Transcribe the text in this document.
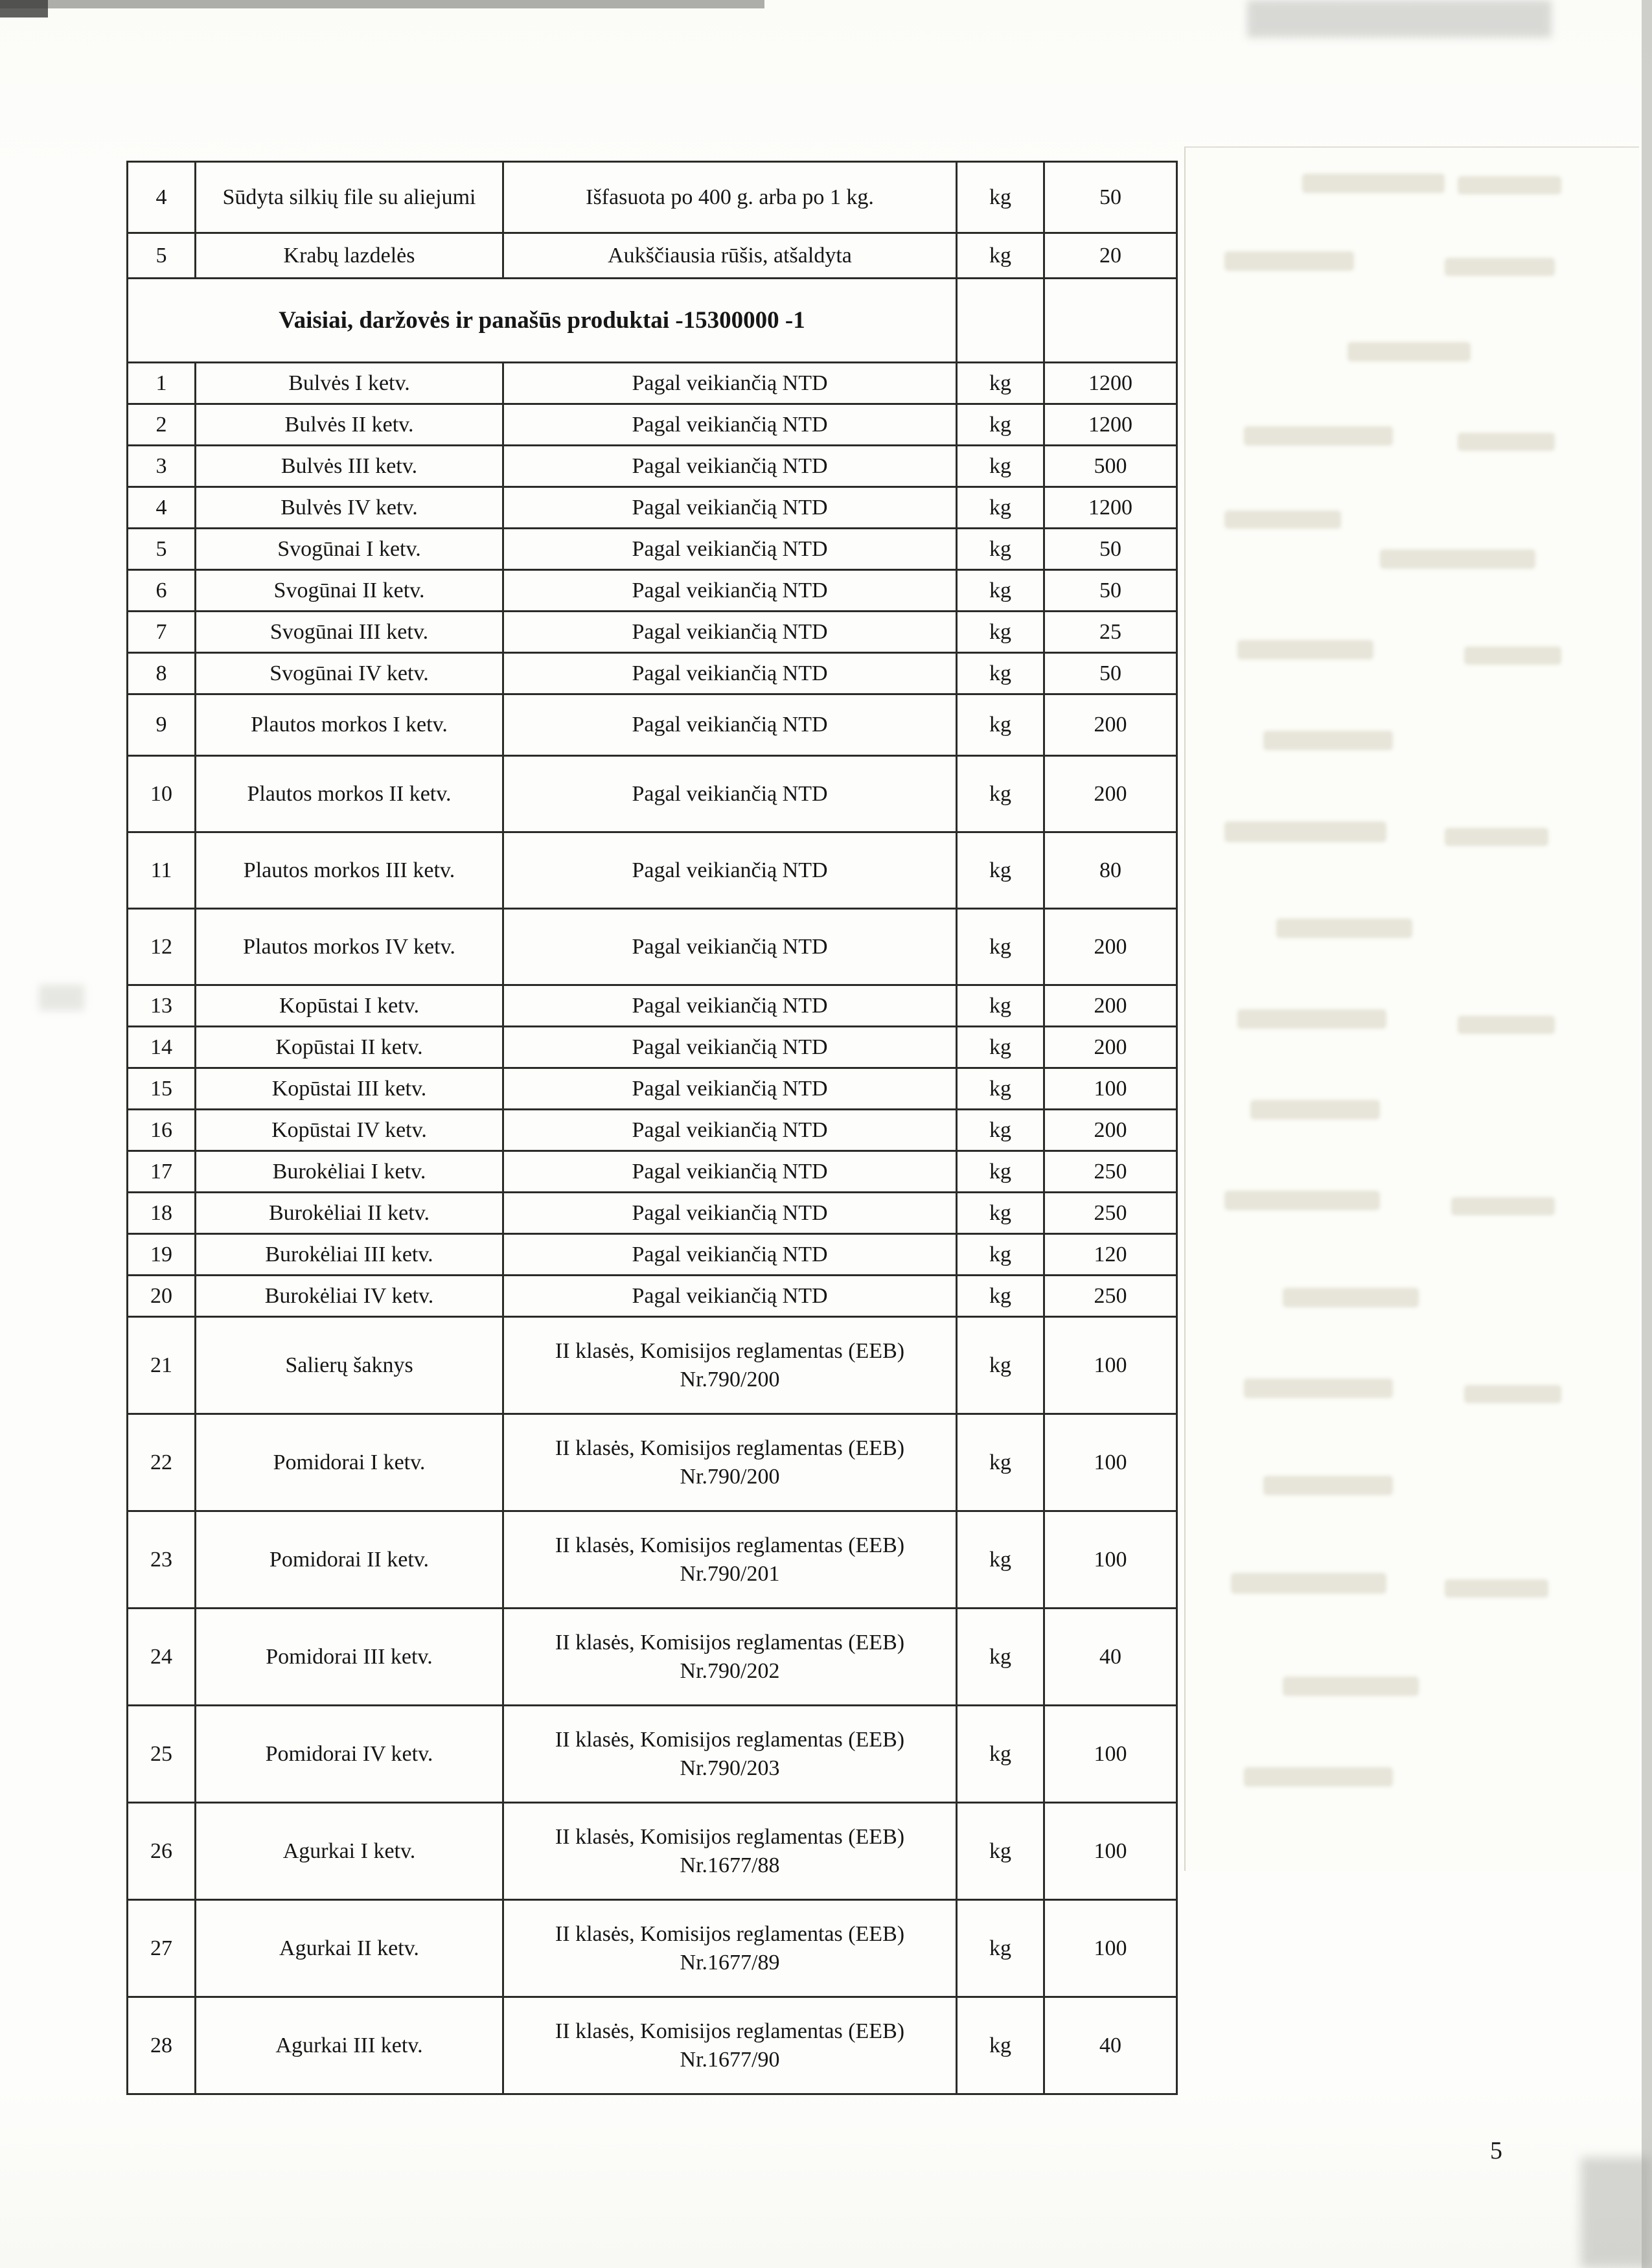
4	Sūdyta silkių file su aliejumi	Išfasuota po 400 g. arba po 1 kg.	kg	50
5	Krabų lazdelės	Aukščiausia rūšis, atšaldyta	kg	20
Vaisiai, daržovės ir panašūs produktai -15300000 -1				
1	Bulvės I ketv.	Pagal veikiančią NTD	kg	1200
2	Bulvės II ketv.	Pagal veikiančią NTD	kg	1200
3	Bulvės III ketv.	Pagal veikiančią NTD	kg	500
4	Bulvės IV ketv.	Pagal veikiančią NTD	kg	1200
5	Svogūnai I ketv.	Pagal veikiančią NTD	kg	50
6	Svogūnai II ketv.	Pagal veikiančią NTD	kg	50
7	Svogūnai III ketv.	Pagal veikiančią NTD	kg	25
8	Svogūnai IV ketv.	Pagal veikiančią NTD	kg	50
9	Plautos morkos I ketv.	Pagal veikiančią NTD	kg	200
10	Plautos morkos II ketv.	Pagal veikiančią NTD	kg	200
11	Plautos morkos III ketv.	Pagal veikiančią NTD	kg	80
12	Plautos morkos IV ketv.	Pagal veikiančią NTD	kg	200
13	Kopūstai I ketv.	Pagal veikiančią NTD	kg	200
14	Kopūstai II ketv.	Pagal veikiančią NTD	kg	200
15	Kopūstai III ketv.	Pagal veikiančią NTD	kg	100
16	Kopūstai IV ketv.	Pagal veikiančią NTD	kg	200
17	Burokėliai I ketv.	Pagal veikiančią NTD	kg	250
18	Burokėliai II ketv.	Pagal veikiančią NTD	kg	250
19	Burokėliai III ketv.	Pagal veikiančią NTD	kg	120
20	Burokėliai IV ketv.	Pagal veikiančią NTD	kg	250
21	Salierų šaknys	II klasės, Komisijos reglamentas (EEB) Nr.790/200	kg	100
22	Pomidorai I ketv.	II klasės, Komisijos reglamentas (EEB) Nr.790/200	kg	100
23	Pomidorai II ketv.	II klasės, Komisijos reglamentas (EEB) Nr.790/201	kg	100
24	Pomidorai III ketv.	II klasės, Komisijos reglamentas (EEB) Nr.790/202	kg	40
25	Pomidorai IV ketv.	II klasės, Komisijos reglamentas (EEB) Nr.790/203	kg	100
26	Agurkai I ketv.	II klasės, Komisijos reglamentas (EEB) Nr.1677/88	kg	100
27	Agurkai II ketv.	II klasės, Komisijos reglamentas (EEB) Nr.1677/89	kg	100
28	Agurkai III ketv.	II klasės, Komisijos reglamentas (EEB) Nr.1677/90	kg	40
5
